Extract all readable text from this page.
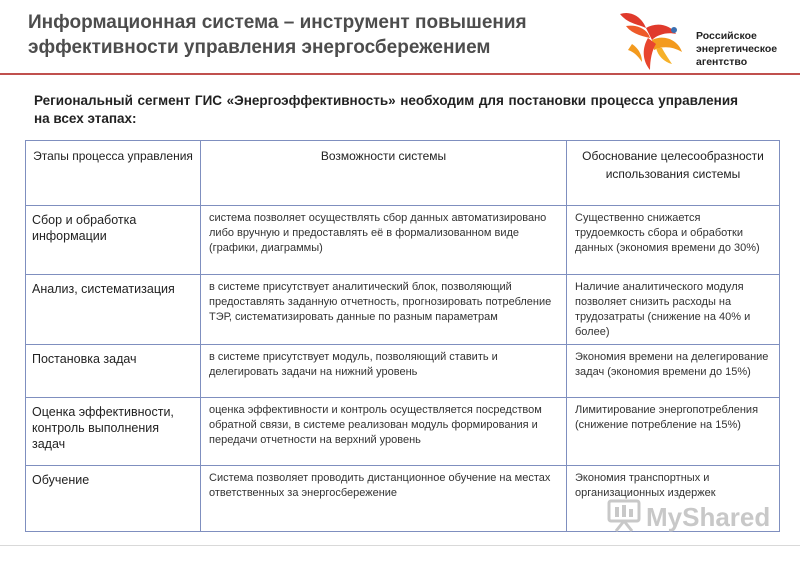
Информационная система – инструмент повышения
эффективности управления энергосбережением
Российское
энергетическое
агентство
Региональный сегмент ГИС «Энергоэффективность» необходим для постановки процесса управления на всех этапах:
Этапы процесса управления	Возможности системы	Обоснование целесообразности использования системы
Сбор и обработка информации	система позволяет осуществлять сбор данных автоматизировано либо вручную и предоставлять её в формализованном виде (графики, диаграммы)	Существенно снижается трудоемкость сбора и обработки данных (экономия времени до 30%)
Анализ, систематизация	в системе присутствует аналитический блок, позволяющий предоставлять заданную отчетность, прогнозировать потребление ТЭР, систематизировать данные по разным параметрам	Наличие аналитического модуля позволяет снизить расходы на трудозатраты (снижение на 40% и более)
Постановка задач	в системе присутствует модуль, позволяющий ставить и делегировать задачи на нижний уровень	Экономия времени на делегирование задач (экономия времени до 15%)
Оценка эффективности, контроль выполнения задач	оценка эффективности и контроль осуществляется посредством обратной связи, в системе реализован модуль формирования и передачи отчетности на верхний уровень	Лимитирование энергопотребления (снижение потребление на 15%)
Обучение	Система позволяет проводить дистанционное обучение на местах ответственных за энергосбережение	Экономия транспортных и организационных издержек
MyShared
